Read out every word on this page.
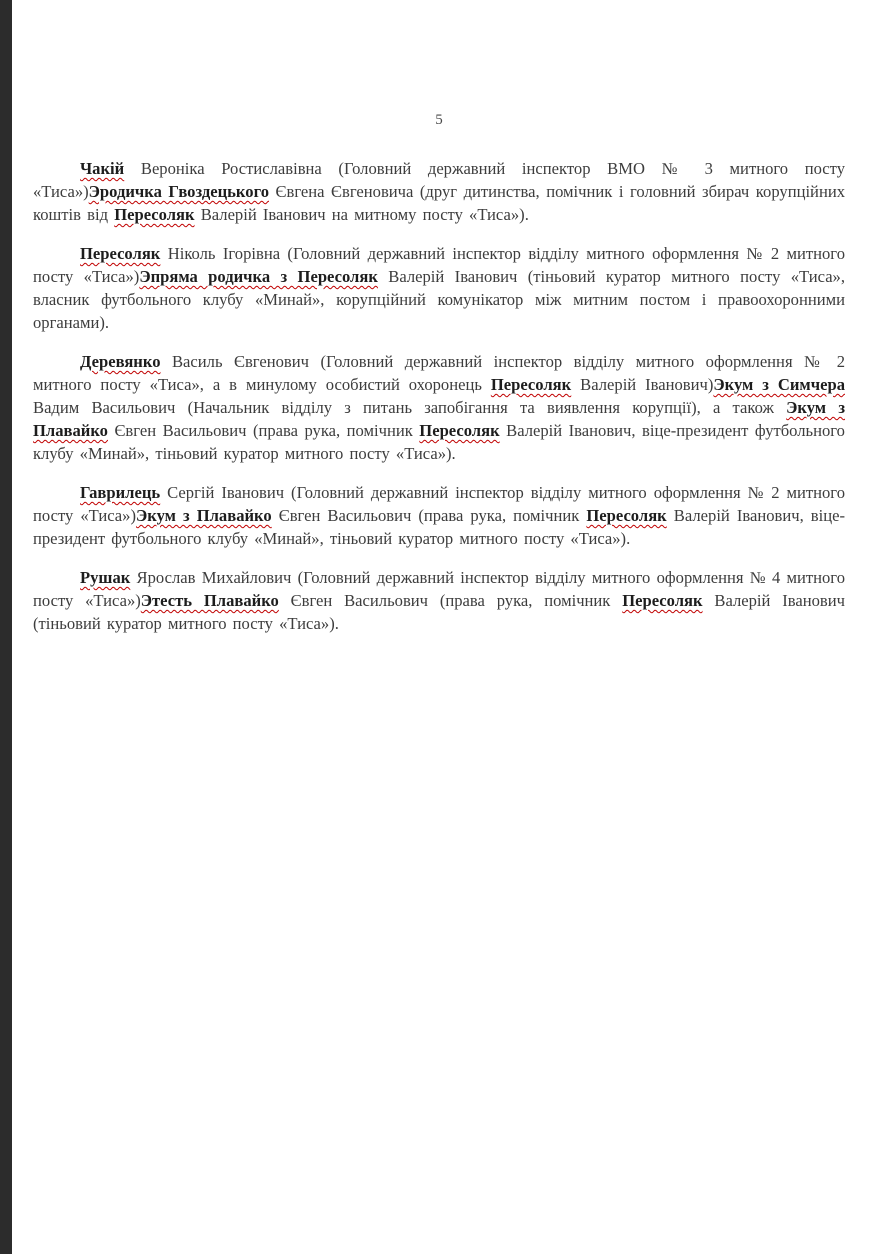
5

Чакій Вероніка Ростиславівна (Головний державний інспектор ВМО № 3 митного посту «Тиса»)Эродичка Гвоздецького Євгена Євгеновича (друг дитинства, помічник і головний збирач корупційних коштів від Пересоляк Валерій Іванович на митному посту «Тиса»).

Пересоляк Ніколь Ігорівна (Головний державний інспектор відділу митного оформлення № 2 митного посту «Тиса»)Эпряма родичка з Пересоляк Валерій Іванович (тіньовий куратор митного посту «Тиса», власник футбольного клубу «Минай», корупційний комунікатор між митним постом і правоохоронними органами).

Деревянко Василь Євгенович (Головний державний інспектор відділу митного оформлення № 2 митного посту «Тиса», а в минулому особистий охоронець Пересоляк Валерій Іванович)Экум з Симчера Вадим Васильович (Начальник відділу з питань запобігання та виявлення корупції), а також Экум з Плавайко Євген Васильович (права рука, помічник Пересоляк Валерій Іванович, віце-президент футбольного клубу «Минай», тіньовий куратор митного посту «Тиса»).

Гаврилець Сергій Іванович (Головний державний інспектор відділу митного оформлення № 2 митного посту «Тиса»)Экум з Плавайко Євген Васильович (права рука, помічник Пересоляк Валерій Іванович, віце-президент футбольного клубу «Минай», тіньовий куратор митного посту «Тиса»).

Рушак Ярослав Михайлович (Головний державний інспектор відділу митного оформлення № 4 митного посту «Тиса»)Этесть Плавайко Євген Васильович (права рука, помічник Пересоляк Валерій Іванович (тіньовий куратор митного посту «Тиса»).
